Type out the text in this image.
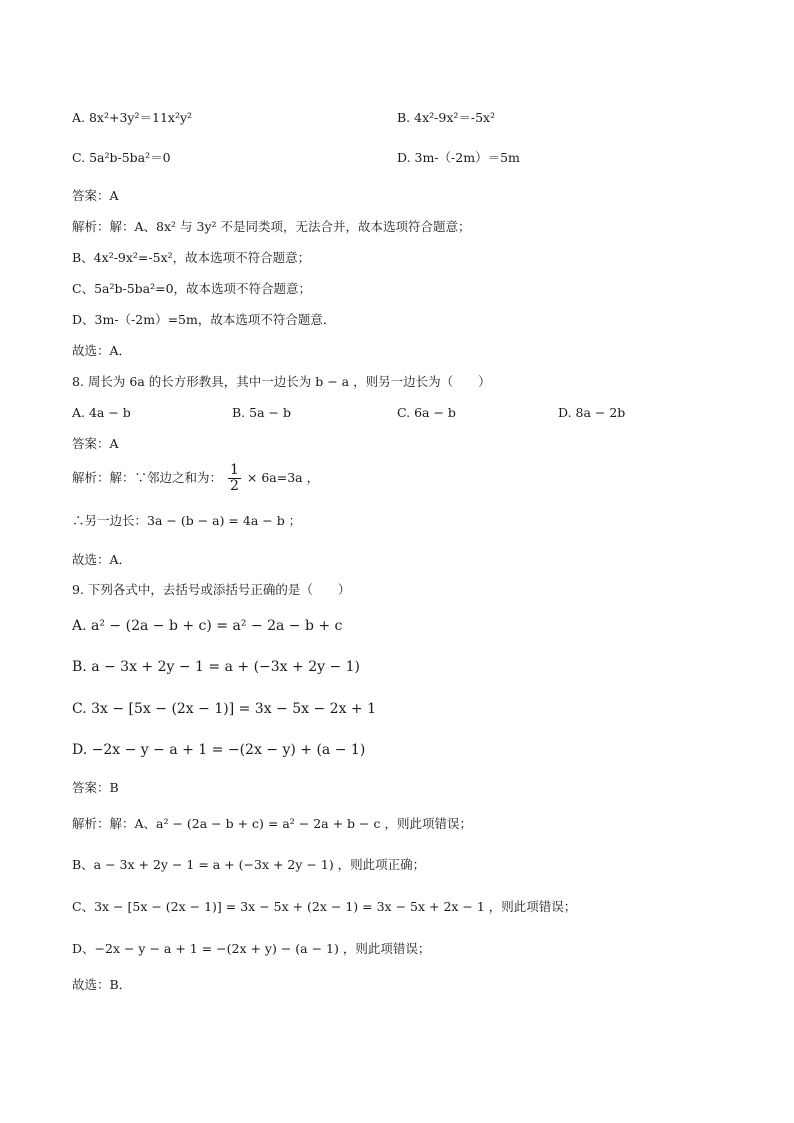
A. 8x²+3y²＝11x²y²	B. 4x²-9x²＝-5x²
C. 5a²b-5ba²＝0	D. 3m-（-2m）＝5m
答案：A
解析：解：A、8x² 与 3y² 不是同类项，无法合并，故本选项符合题意；
B、4x²-9x²=-5x²，故本选项不符合题意；
C、5a²b-5ba²=0，故本选项不符合题意；
D、3m-（-2m）=5m，故本选项不符合题意．
故选：A．
8. 周长为 6a 的长方形教具，其中一边长为 b − a ，则另一边长为（　　）
A. 4a − b	B. 5a − b	C. 6a − b	D. 8a − 2b
答案：A
解析：解：∵邻边之和为： $\frac{1}{2} \times 6a=3a$ ，
∴另一边长：3a − (b − a) = 4a − b ；
故选：A．
9. 下列各式中，去括号或添括号正确的是（　　）
A. a² − (2a − b + c) = a² − 2a − b + c
B. a − 3x + 2y − 1 = a + (−3x + 2y − 1)
C. 3x − [5x − (2x − 1)] = 3x − 5x − 2x + 1
D. −2x − y − a + 1 = −(2x − y) + (a − 1)
答案：B
解析：解：A、a² − (2a − b + c) = a² − 2a + b − c ，则此项错误；
B、a − 3x + 2y − 1 = a + (−3x + 2y − 1) ，则此项正确；
C、3x − [5x − (2x − 1)] = 3x − 5x + (2x − 1) = 3x − 5x + 2x − 1 ，则此项错误；
D、−2x − y − a + 1 = −(2x + y) − (a − 1) ，则此项错误；
故选：B．
